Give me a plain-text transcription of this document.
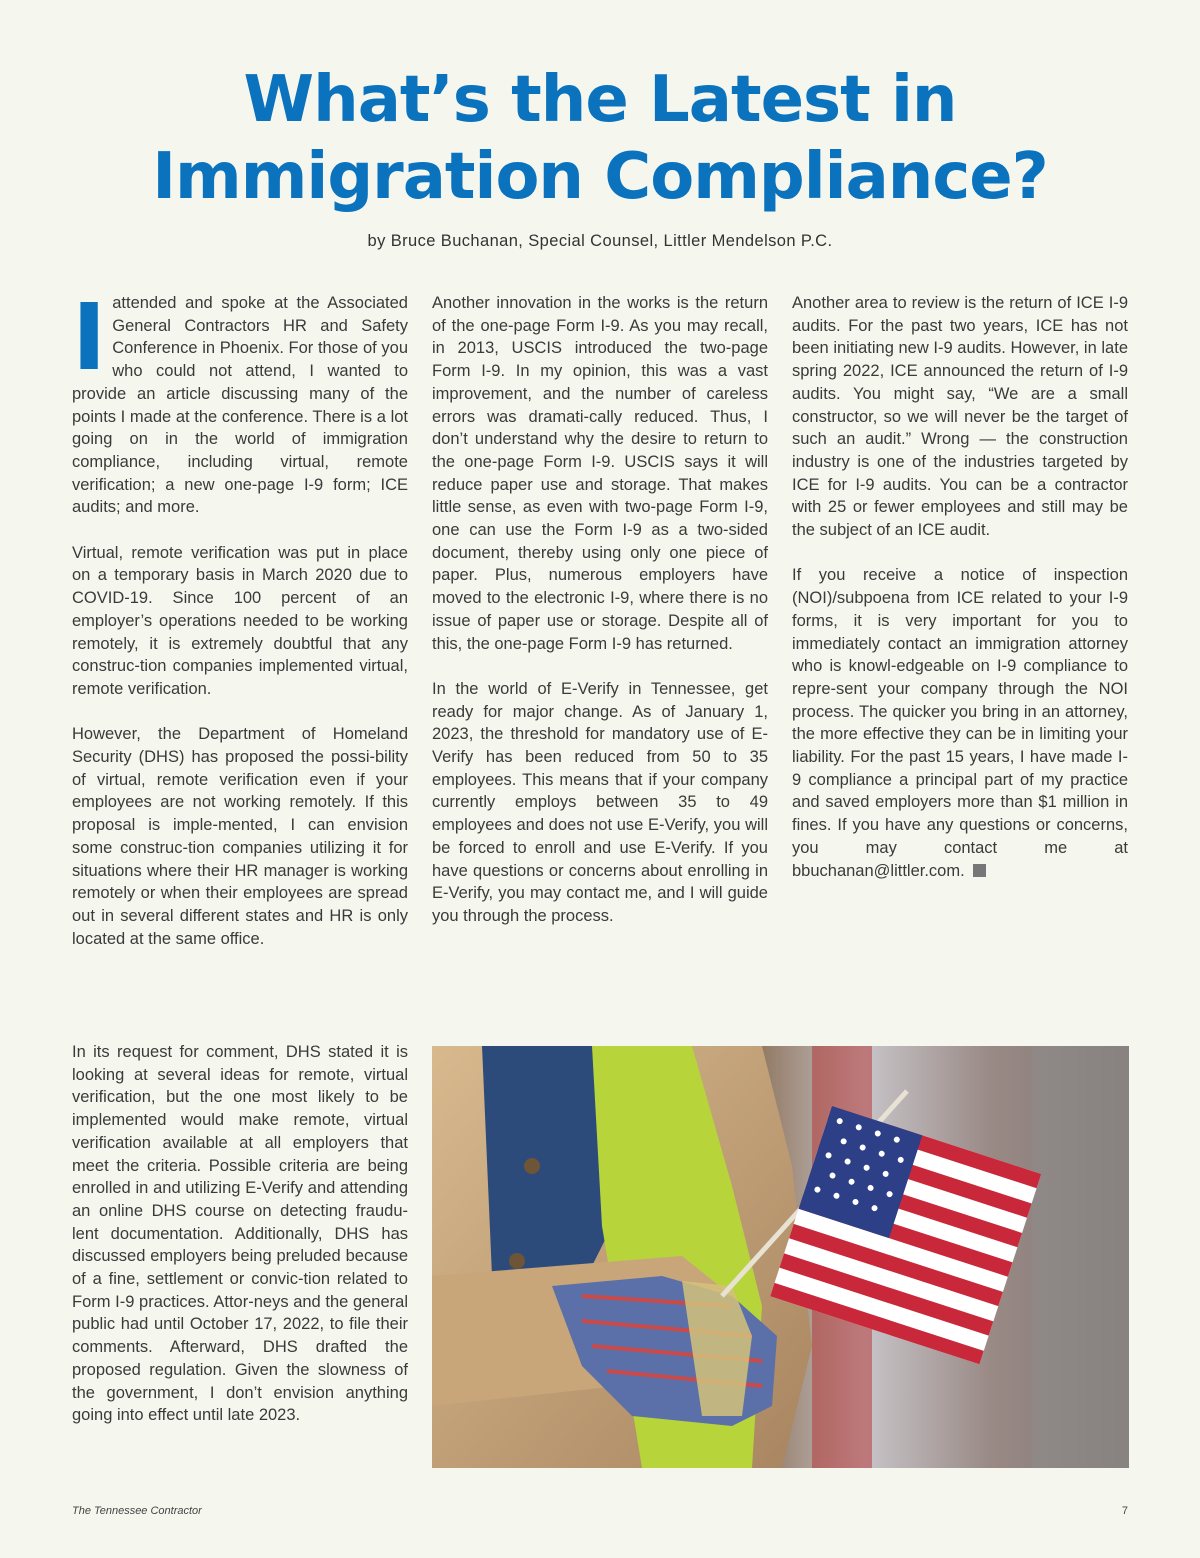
What’s the Latest in
Immigration Compliance?
by Bruce Buchanan, Special Counsel, Littler Mendelson P.C.

Iattended and spoke at the Associated General Contractors HR and Safety Conference in Phoenix. For those of you who could not attend, I wanted to provide an article discussing many of the points I made at the conference. There is a lot going on in the world of immigration compliance, including virtual, remote verification; a new one-page I-9 form; ICE audits; and more.

Virtual, remote verification was put in place on a temporary basis in March 2020 due to COVID-19. Since 100 percent of an employer’s operations needed to be working remotely, it is extremely doubtful that any construc-tion companies implemented virtual, remote verification.

However, the Department of Homeland Security (DHS) has proposed the possi-bility of virtual, remote verification even if your employees are not working remotely. If this proposal is imple-mented, I can envision some construc-tion companies utilizing it for situations where their HR manager is working remotely or when their employees are spread out in several different states and HR is only located at the same office.

In its request for comment, DHS stated it is looking at several ideas for remote, virtual verification, but the one most likely to be implemented would make remote, virtual verification available at all employers that meet the criteria. Possible criteria are being enrolled in and utilizing E-Verify and attending an online DHS course on detecting fraudu-lent documentation. Additionally, DHS has discussed employers being preluded because of a fine, settlement or convic-tion related to Form I-9 practices. Attor-neys and the general public had until October 17, 2022, to file their comments. Afterward, DHS drafted the proposed regulation. Given the slowness of the government, I don’t envision anything going into effect until late 2023.

Another innovation in the works is the return of the one-page Form I-9. As you may recall, in 2013, USCIS introduced the two-page Form I-9. In my opinion, this was a vast improvement, and the number of careless errors was dramati-cally reduced. Thus, I don’t understand why the desire to return to the one-page Form I-9. USCIS says it will reduce paper use and storage. That makes little sense, as even with two-page Form I-9, one can use the Form I-9 as a two-sided document, thereby using only one piece of paper. Plus, numerous employers have moved to the electronic I-9, where there is no issue of paper use or storage. Despite all of this, the one-page Form I-9 has returned.

In the world of E-Verify in Tennessee, get ready for major change. As of January 1, 2023, the threshold for mandatory use of E-Verify has been reduced from 50 to 35 employees. This means that if your company currently employs between 35 to 49 employees and does not use E-Verify, you will be forced to enroll and use E-Verify. If you have questions or concerns about enrolling in E-Verify, you may contact me, and I will guide you through the process.

Another area to review is the return of ICE I-9 audits. For the past two years, ICE has not been initiating new I-9 audits. However, in late spring 2022, ICE announced the return of I-9 audits. You might say, “We are a small constructor, so we will never be the target of such an audit.” Wrong — the construction industry is one of the industries targeted by ICE for I-9 audits. You can be a contractor with 25 or fewer employees and still may be the subject of an ICE audit.

If you receive a notice of inspection (NOI)/subpoena from ICE related to your I-9 forms, it is very important for you to immediately contact an immigration attorney who is knowl-edgeable on I-9 compliance to repre-sent your company through the NOI process. The quicker you bring in an attorney, the more effective they can be in limiting your liability. For the past 15 years, I have made I-9 compliance a principal part of my practice and saved employers more than $1 million in fines. If you have any questions or concerns, you may contact me at bbuchanan@littler.com.

The Tennessee Contractor	7
